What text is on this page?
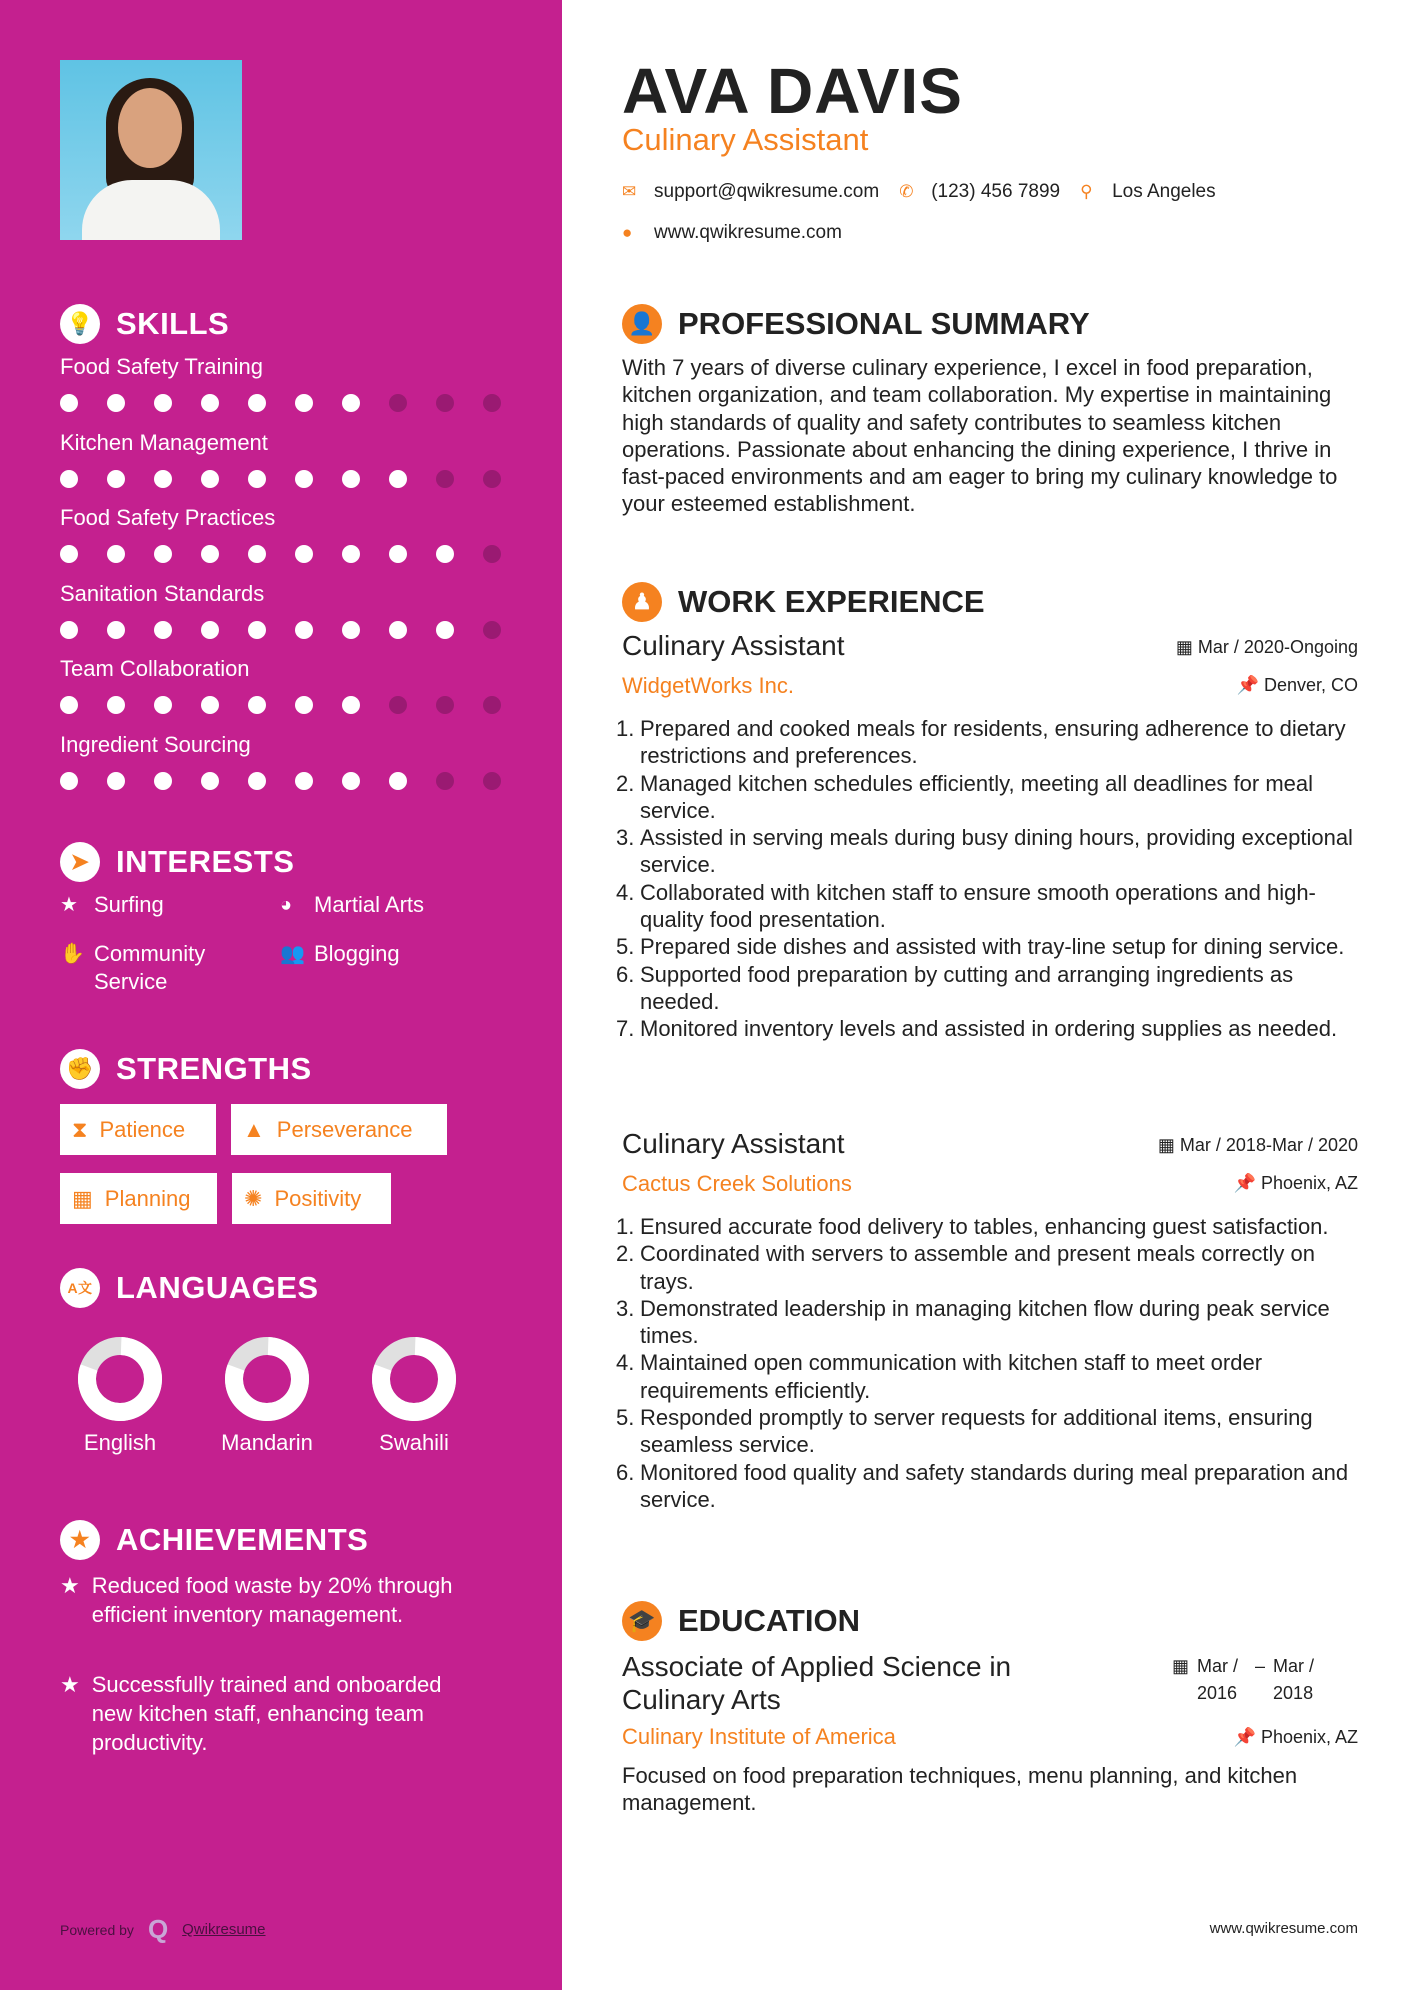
💡 SKILLS
Food Safety Training
Kitchen Management
Food Safety Practices
Sanitation Standards
Team Collaboration
Ingredient Sourcing
➤ INTERESTS
★ Surfing	◕ Martial Arts
✋ Community Service
👥 Blogging
✊ STRENGTHS
⧗ Patience	▲ Perseverance
▦ Planning ✺ Positivity
A文 LANGUAGES
English	Mandarin	Swahili
★ ACHIEVEMENTS
★ Reduced food waste by 20% through efficient inventory management.
★ Successfully trained and onboarded new kitchen staff, enhancing team productivity.
Powered by Q Qwikresume
AVA DAVIS
Culinary Assistant
✉ support@qwikresume.com ✆ (123) 456 7899 ⚲	Los Angeles
●	www.qwikresume.com
👤 PROFESSIONAL SUMMARY
With 7 years of diverse culinary experience, I excel in food preparation, kitchen organization, and team collaboration. My expertise in maintaining high standards of quality and safety contributes to seamless kitchen operations. Passionate about enhancing the dining experience, I thrive in fast-paced environments and am eager to bring my culinary knowledge to your esteemed establishment.
♟ WORK EXPERIENCE
Culinary Assistant	▦ Mar / 2020-Ongoing
WidgetWorks Inc.	📌 Denver, CO
1. Prepared and cooked meals for residents, ensuring adherence to dietary restrictions and preferences.
2. Managed kitchen schedules efficiently, meeting all deadlines for meal service.
3. Assisted in serving meals during busy dining hours, providing exceptional service.
4. Collaborated with kitchen staff to ensure smooth operations and high-quality food presentation.
5. Prepared side dishes and assisted with tray-line setup for dining service.
6. Supported food preparation by cutting and arranging ingredients as needed.
7. Monitored inventory levels and assisted in ordering supplies as needed.
Culinary Assistant	▦ Mar / 2018-Mar / 2020
Cactus Creek Solutions	📌 Phoenix, AZ
1. Ensured accurate food delivery to tables, enhancing guest satisfaction.
2. Coordinated with servers to assemble and present meals correctly on trays.
3. Demonstrated leadership in managing kitchen flow during peak service times.
4. Maintained open communication with kitchen staff to meet order requirements efficiently.
5. Responded promptly to server requests for additional items, ensuring seamless service.
6. Monitored food quality and safety standards during meal preparation and service.
🎓 EDUCATION
Associate of Applied Science in Culinary Arts
▦ Mar / 2016
– Mar / 2018
Culinary Institute of America	📌 Phoenix, AZ
Focused on food preparation techniques, menu planning, and kitchen management.
www.qwikresume.com
